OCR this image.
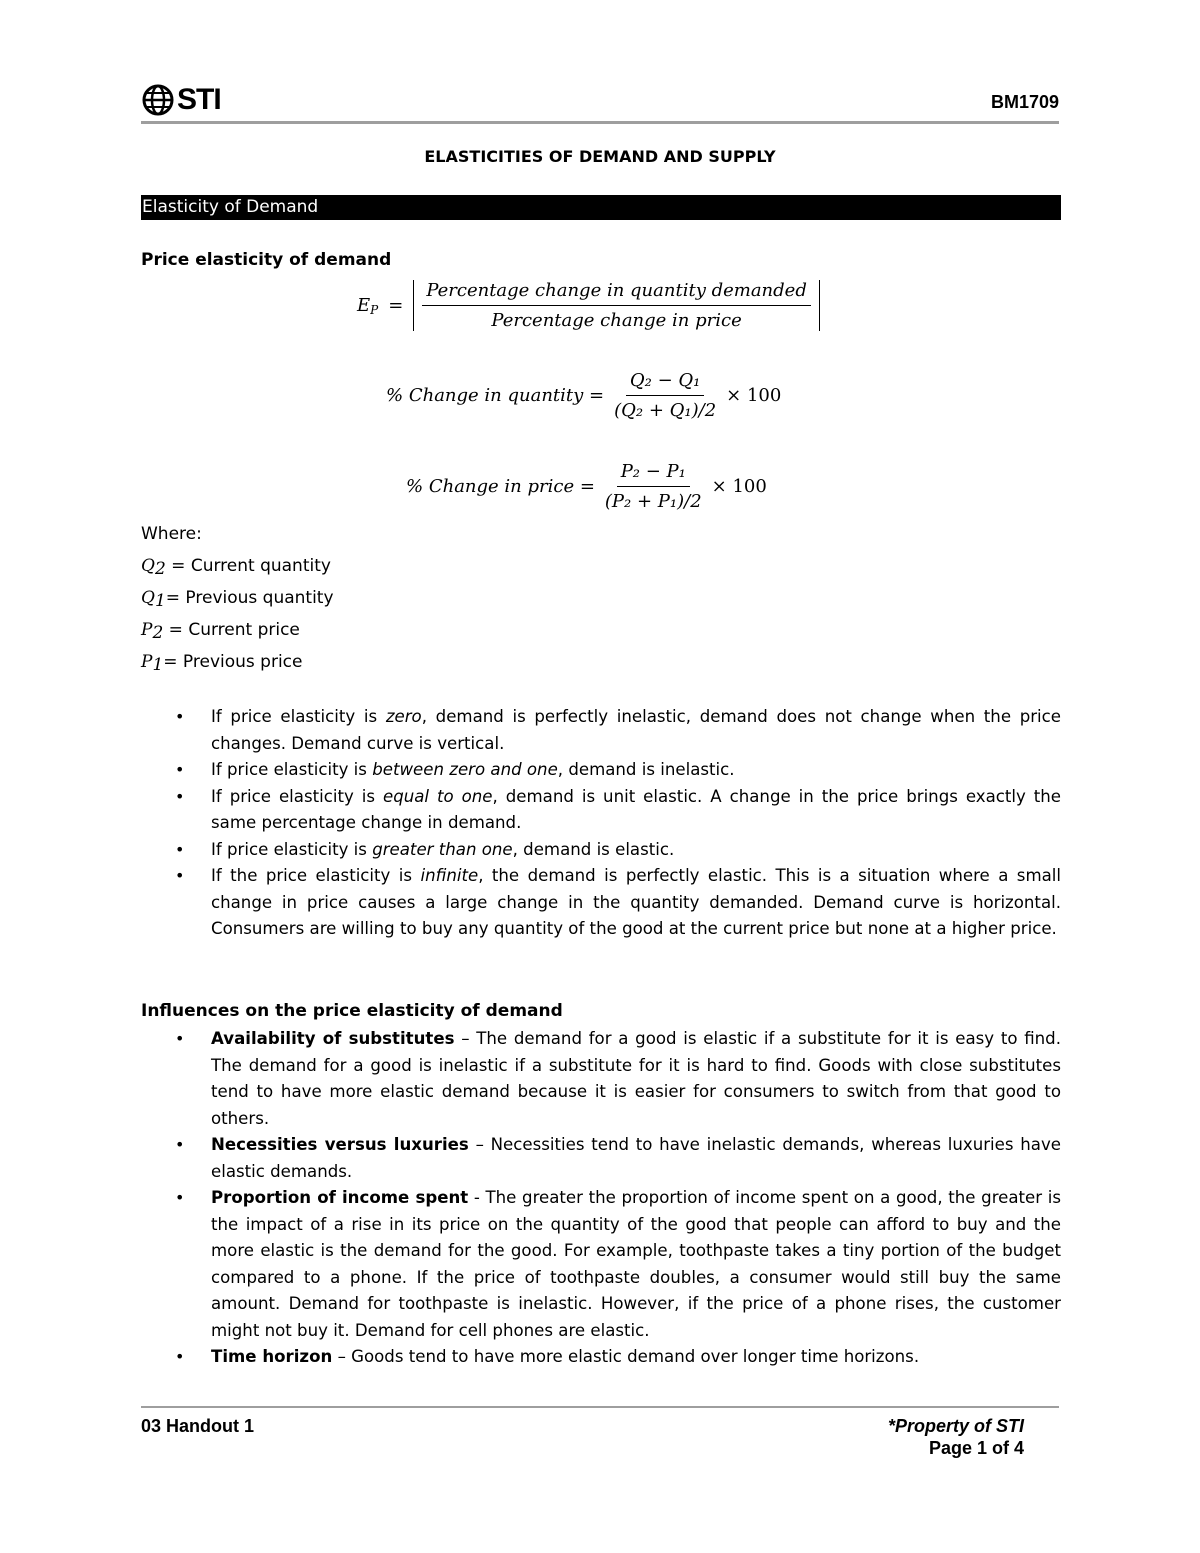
STI	BM1709
ELASTICITIES OF DEMAND AND SUPPLY
Elasticity of Demand
Price elasticity of demand
$E_P = \frac{\text{Percentage change in quantity demanded}}{\text{Percentage change in price}}$
% Change in quantity = $\frac{\text{Q₂ − Q₁}}{\text{(Q₂ + Q₁)/2}} \times 100$
% Change in price = $\frac{\text{P₂ − P₁}}{\text{(P₂ + P₁)/2}} \times 100$
Where:
$Q_2$ = Current quantity
$Q_1=$ Previous quantity
$P_2$ = Current price
$P_1=$ Previous price
• If price elasticity is zero, demand is perfectly inelastic, demand does not change when the price changes. Demand curve is vertical.
• If price elasticity is between zero and one, demand is inelastic.
• If price elasticity is equal to one, demand is unit elastic. A change in the price brings exactly the same percentage change in demand.
• If price elasticity is greater than one, demand is elastic.
• If the price elasticity is infinite, the demand is perfectly elastic. This is a situation where a small change in price causes a large change in the quantity demanded. Demand curve is horizontal. Consumers are willing to buy any quantity of the good at the current price but none at a higher price.
Influences on the price elasticity of demand
• Availability of substitutes – The demand for a good is elastic if a substitute for it is easy to find. The demand for a good is inelastic if a substitute for it is hard to find. Goods with close substitutes tend to have more elastic demand because it is easier for consumers to switch from that good to others.
• Necessities versus luxuries – Necessities tend to have inelastic demands, whereas luxuries have elastic demands.
• Proportion of income spent - The greater the proportion of income spent on a good, the greater is the impact of a rise in its price on the quantity of the good that people can afford to buy and the more elastic is the demand for the good. For example, toothpaste takes a tiny portion of the budget compared to a phone. If the price of toothpaste doubles, a consumer would still buy the same amount. Demand for toothpaste is inelastic. However, if the price of a phone rises, the customer might not buy it. Demand for cell phones are elastic.
• Time horizon – Goods tend to have more elastic demand over longer time horizons.
03 Handout 1	*Property of STI
Page 1 of 4
